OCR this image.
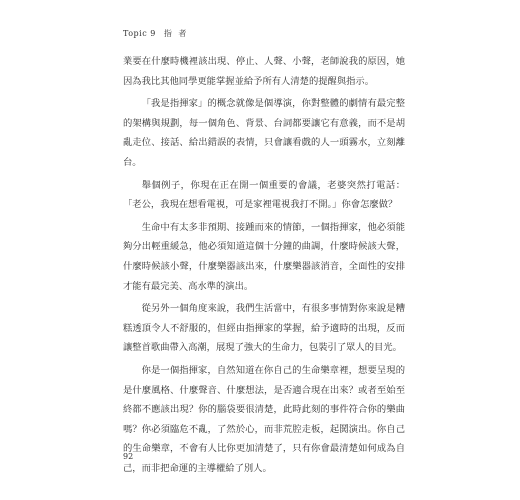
Topic 9 指 者

業要在什麼時機裡該出現、停止、人聲、小聲，老師說我的原因，她因為我比其他同學更能掌握並給予所有人清楚的提醒與指示。

「我是指揮家」的概念就像是個導演，你對整體的劇情有最完整的架構與規劃，每一個角色、背景、台詞都要讓它有意義，而不是胡亂走位、接話、給出錯誤的表情，只會讓看戲的人一頭霧水，立刻離台。

舉個例子，你現在正在開一個重要的會議，老婆突然打電話：「老公，我現在想看電視，可是家裡電視我打不開。」你會怎麼做？

生命中有太多非預期、接踵而來的情節，一個指揮家，他必須能夠分出輕重緩急，他必須知道這個十分鐘的曲調，什麼時候該大聲，什麼時候該小聲，什麼樂器該出來，什麼樂器該消音，全面性的安排才能有最完美、高水準的演出。

從另外一個角度來說，我們生活當中，有很多事情對你來說是糟糕透頂令人不舒服的，但經由指揮家的掌握，給予適時的出現，反而讓整首歌曲帶入高潮，展現了強大的生命力，包裝引了眾人的目光。

你是一個指揮家，自然知道在你自己的生命樂章裡，想要呈現的是什麼風格、什麼聲音、什麼想法，是否適合現在出來？或者至始至終都不應該出現？你的腦袋要很清楚，此時此刻的事件符合你的樂曲嗎？你必須臨危不亂，了然於心，而非荒腔走板，起鬨演出。你自己的生命樂章，不會有人比你更加清楚了，只有你會最清楚如何成為自己，而非把命運的主導權給了別人。

92
